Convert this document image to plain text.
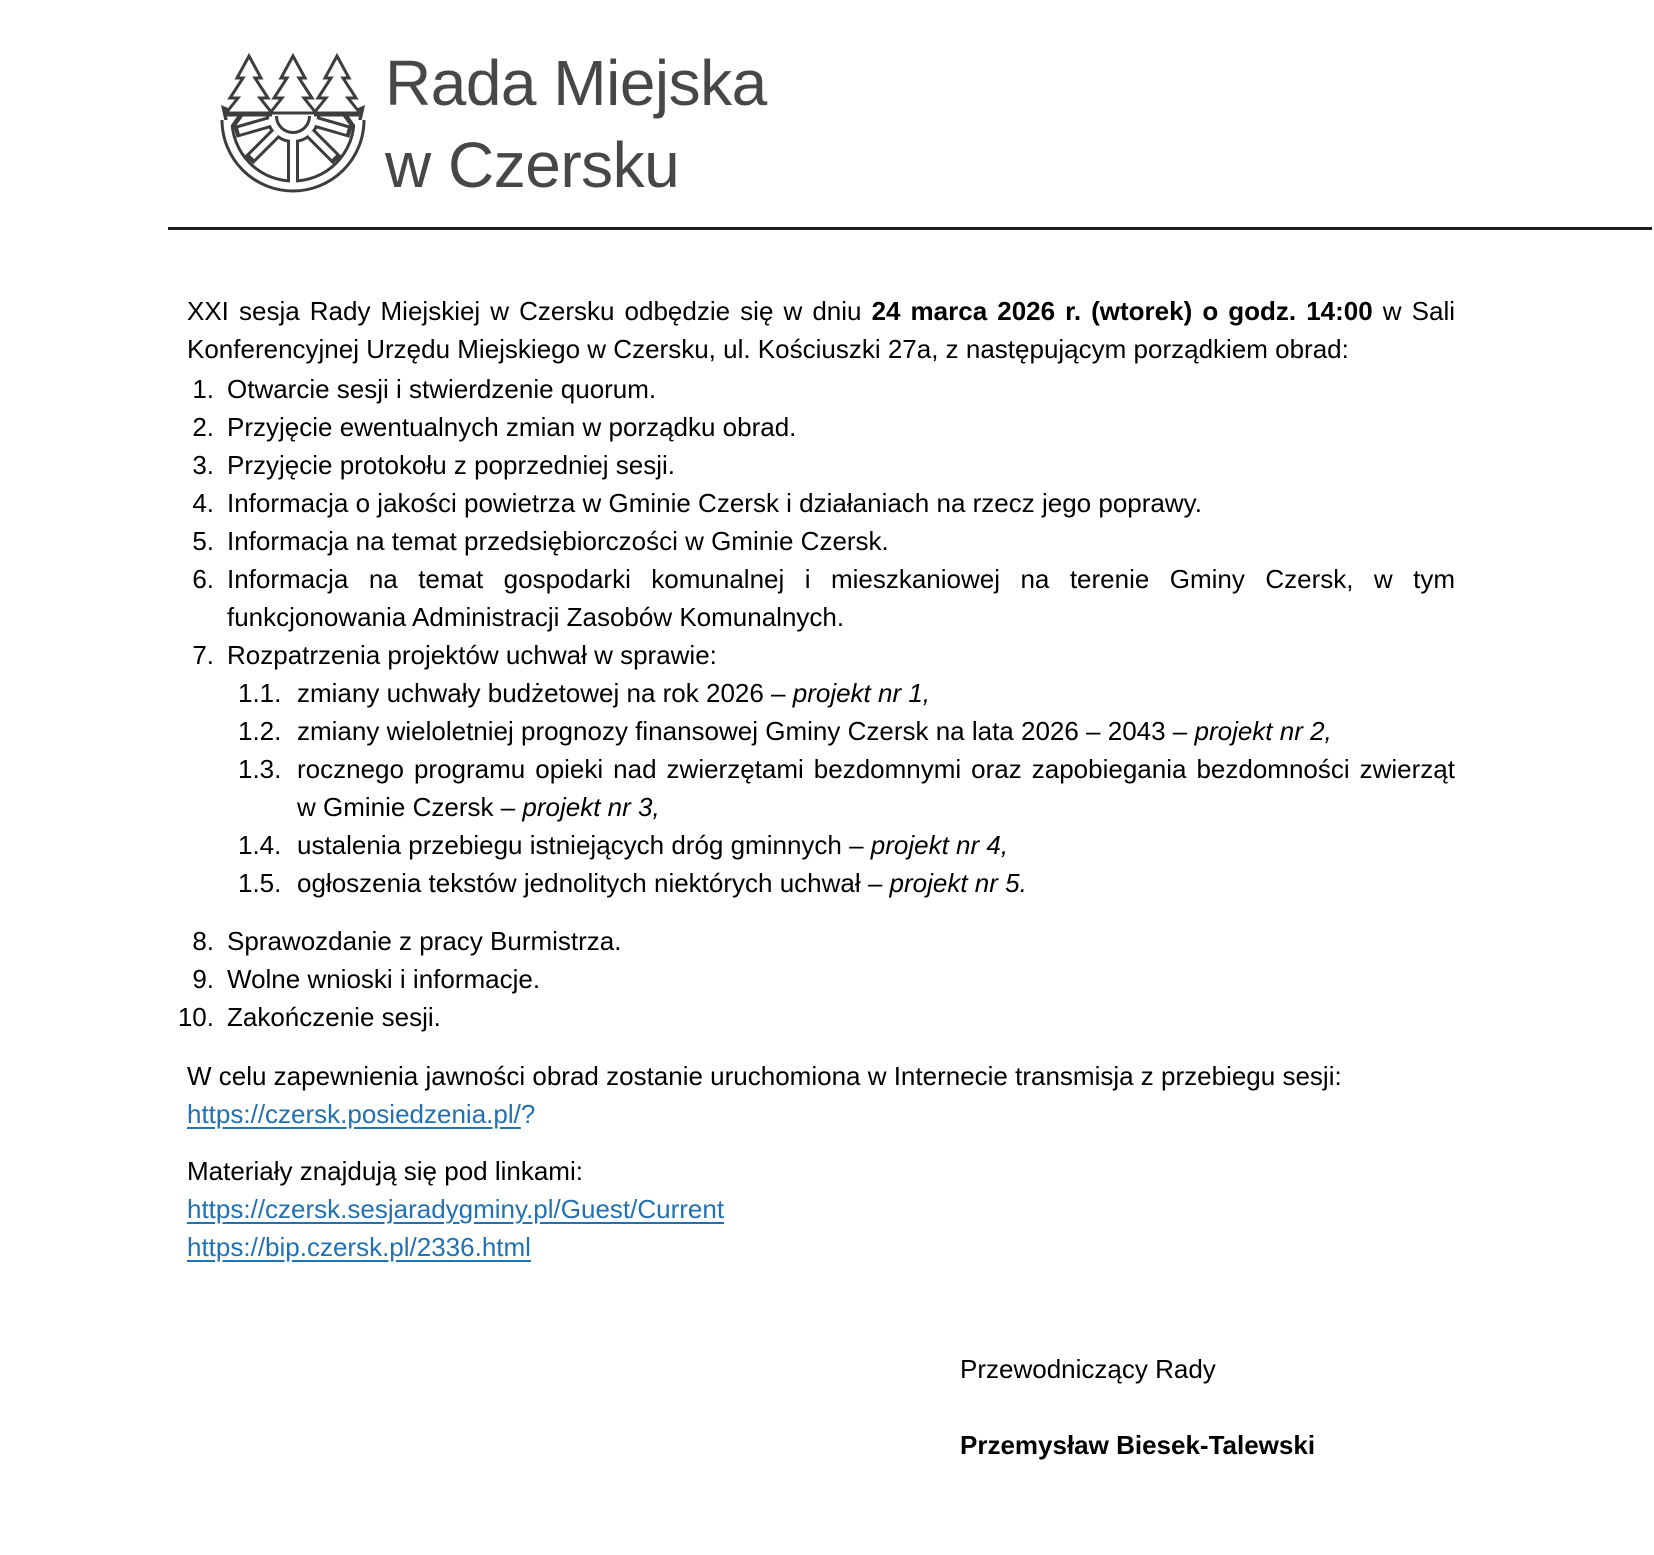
Rada Miejska
w Czersku

XXI sesja Rady Miejskiej w Czersku odbędzie się w dniu 24 marca 2026 r. (wtorek) o godz. 14:00 w Sali Konferencyjnej Urzędu Miejskiego w Czersku, ul. Kościuszki 27a, z następującym porządkiem obrad:

1. Otwarcie sesji i stwierdzenie quorum.
2. Przyjęcie ewentualnych zmian w porządku obrad.
3. Przyjęcie protokołu z poprzedniej sesji.
4. Informacja o jakości powietrza w Gminie Czersk i działaniach na rzecz jego poprawy.
5. Informacja na temat przedsiębiorczości w Gminie Czersk.
6. Informacja na temat gospodarki komunalnej i mieszkaniowej na terenie Gminy Czersk, w tym funkcjonowania Administracji Zasobów Komunalnych.
7. Rozpatrzenia projektów uchwał w sprawie:
1.1. zmiany uchwały budżetowej na rok 2026 – projekt nr 1,
1.2. zmiany wieloletniej prognozy finansowej Gminy Czersk na lata 2026 – 2043 – projekt nr 2,
1.3. rocznego programu opieki nad zwierzętami bezdomnymi oraz zapobiegania bezdomności zwierząt w Gminie Czersk – projekt nr 3,
1.4. ustalenia przebiegu istniejących dróg gminnych – projekt nr 4,
1.5. ogłoszenia tekstów jednolitych niektórych uchwał – projekt nr 5.
8. Sprawozdanie z pracy Burmistrza.
9. Wolne wnioski i informacje.
10. Zakończenie sesji.

W celu zapewnienia jawności obrad zostanie uruchomiona w Internecie transmisja z przebiegu sesji:
https://czersk.posiedzenia.pl/?

Materiały znajdują się pod linkami:
https://czersk.sesjaradygminy.pl/Guest/Current
https://bip.czersk.pl/2336.html

Przewodniczący Rady
Przemysław Biesek-Talewski
